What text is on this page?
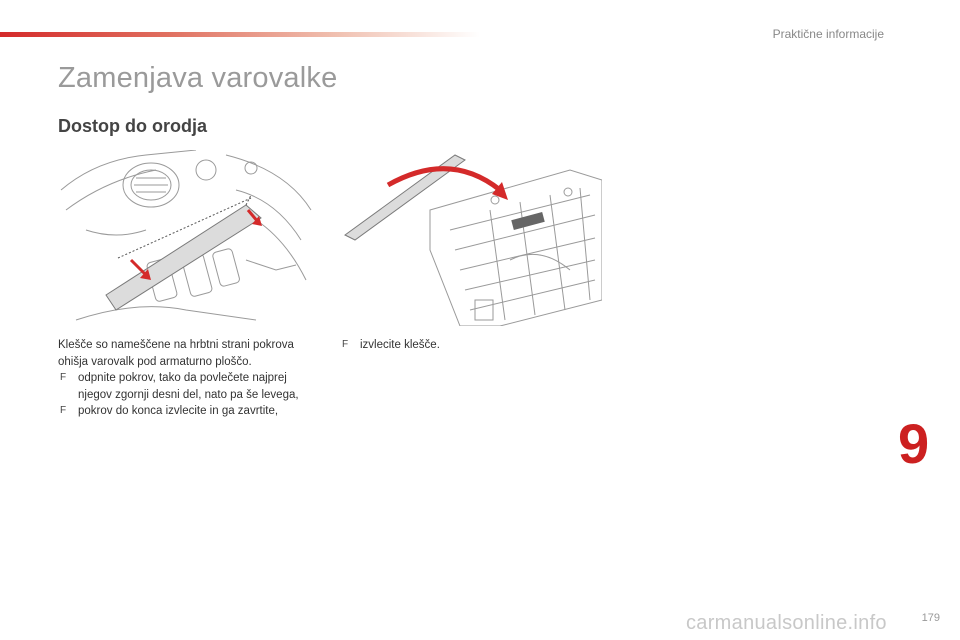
Praktične informacije
Zamenjava varovalke
Dostop do orodja

Klešče so nameščene na hrbtni strani pokrova ohišja varovalk pod armaturno ploščo.

F odpnite pokrov, tako da povlečete najprej njegov zgornji desni del, nato pa še levega,

F pokrov do konca izvlecite in ga zavrtite,

F izvlecite klešče.

9
carmanualsonline.info	179
